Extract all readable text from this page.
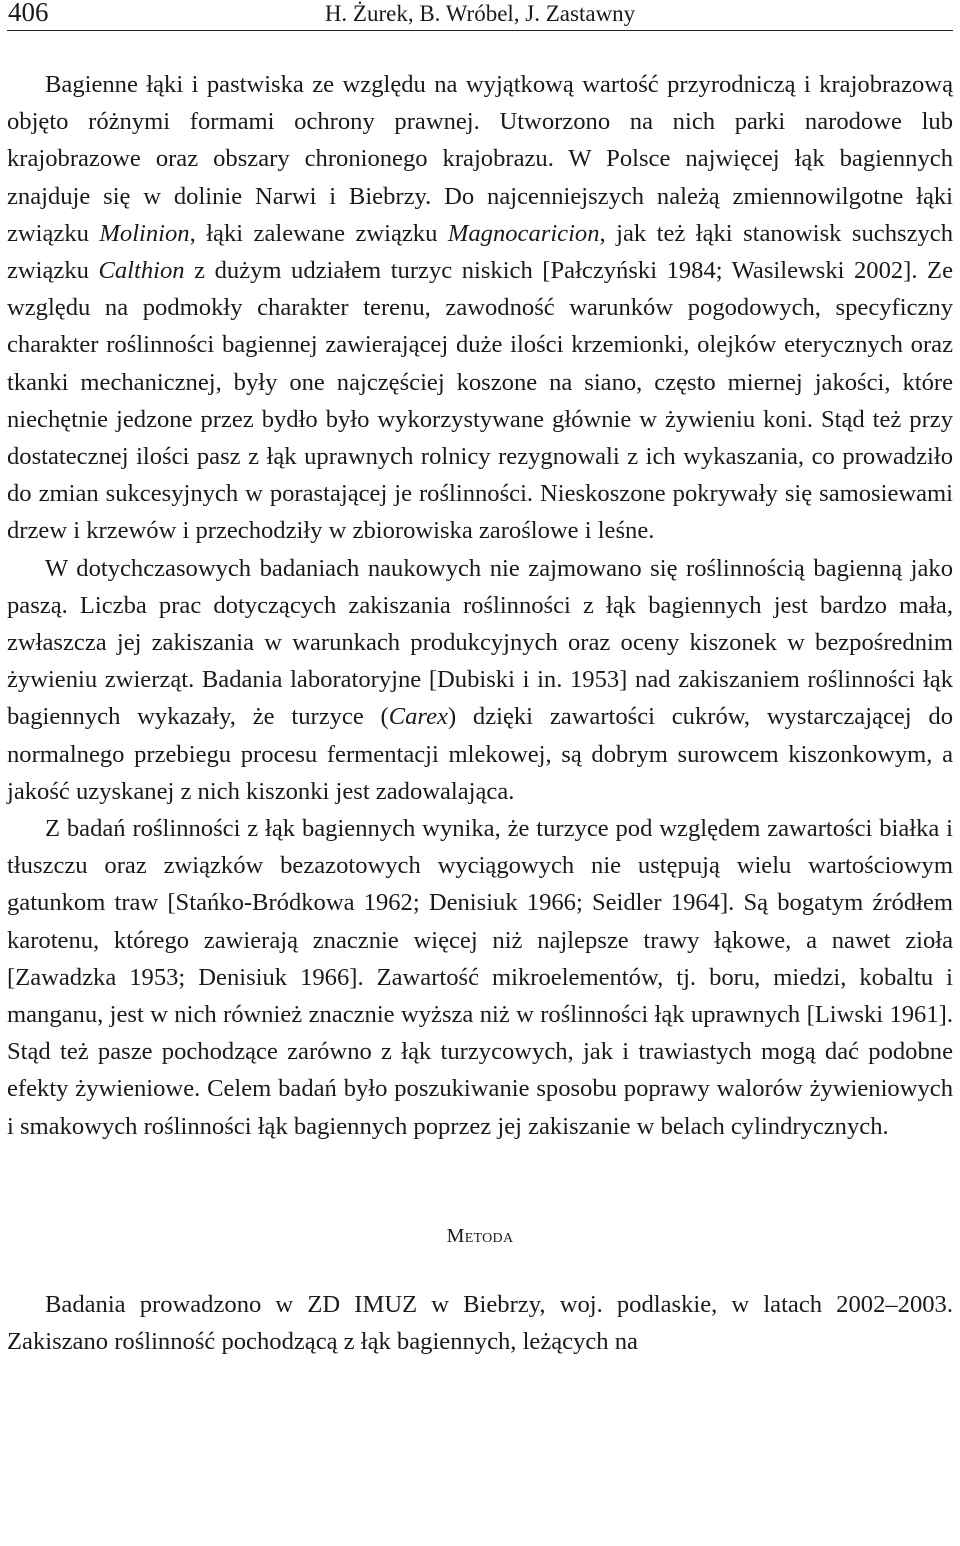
406	H. Żurek, B. Wróbel, J. Zastawny

Bagienne łąki i pastwiska ze względu na wyjątkową wartość przyrodniczą i krajobrazową objęto różnymi formami ochrony prawnej. Utworzono na nich parki narodowe lub krajobrazowe oraz obszary chronionego krajobrazu. W Polsce najwięcej łąk bagiennych znajduje się w dolinie Narwi i Biebrzy. Do najcenniejszych należą zmiennowilgotne łąki związku Molinion, łąki zalewane związku Magnocaricion, jak też łąki stanowisk suchszych związku Calthion z dużym udziałem turzyc niskich [Pałczyński 1984; Wasilewski 2002]. Ze względu na podmokły charakter terenu, zawodność warunków pogodowych, specyficzny charakter roślinności bagiennej zawierającej duże ilości krzemionki, olejków eterycznych oraz tkanki mechanicznej, były one najczęściej koszone na siano, często miernej jakości, które niechętnie jedzone przez bydło było wykorzystywane głównie w żywieniu koni. Stąd też przy dostatecznej ilości pasz z łąk uprawnych rolnicy rezygnowali z ich wykaszania, co prowadziło do zmian sukcesyjnych w porastającej je roślinności. Nieskoszone pokrywały się samosiewami drzew i krzewów i przechodziły w zbiorowiska zaroślowe i leśne.

W dotychczasowych badaniach naukowych nie zajmowano się roślinnością bagienną jako paszą. Liczba prac dotyczących zakiszania roślinności z łąk bagiennych jest bardzo mała, zwłaszcza jej zakiszania w warunkach produkcyjnych oraz oceny kiszonek w bezpośrednim żywieniu zwierząt. Badania laboratoryjne [Dubiski i in. 1953] nad zakiszaniem roślinności łąk bagiennych wykazały, że turzyce (Carex) dzięki zawartości cukrów, wystarczającej do normalnego przebiegu procesu fermentacji mlekowej, są dobrym surowcem kiszonkowym, a jakość uzyskanej z nich kiszonki jest zadowalająca.

Z badań roślinności z łąk bagiennych wynika, że turzyce pod względem zawartości białka i tłuszczu oraz związków bezazotowych wyciągowych nie ustępują wielu wartościowym gatunkom traw [Stańko-Bródkowa 1962; Denisiuk 1966; Seidler 1964]. Są bogatym źródłem karotenu, którego zawierają znacznie więcej niż najlepsze trawy łąkowe, a nawet zioła [Zawadzka 1953; Denisiuk 1966]. Zawartość mikroelementów, tj. boru, miedzi, kobaltu i manganu, jest w nich również znacznie wyższa niż w roślinności łąk uprawnych [Liwski 1961]. Stąd też pasze pochodzące zarówno z łąk turzycowych, jak i trawiastych mogą dać podobne efekty żywieniowe. Celem badań było poszukiwanie sposobu poprawy walorów żywieniowych i smakowych roślinności łąk bagiennych poprzez jej zakiszanie w belach cylindrycznych.

Metoda

Badania prowadzono w ZD IMUZ w Biebrzy, woj. podlaskie, w latach 2002–2003. Zakiszano roślinność pochodzącą z łąk bagiennych, leżących na
